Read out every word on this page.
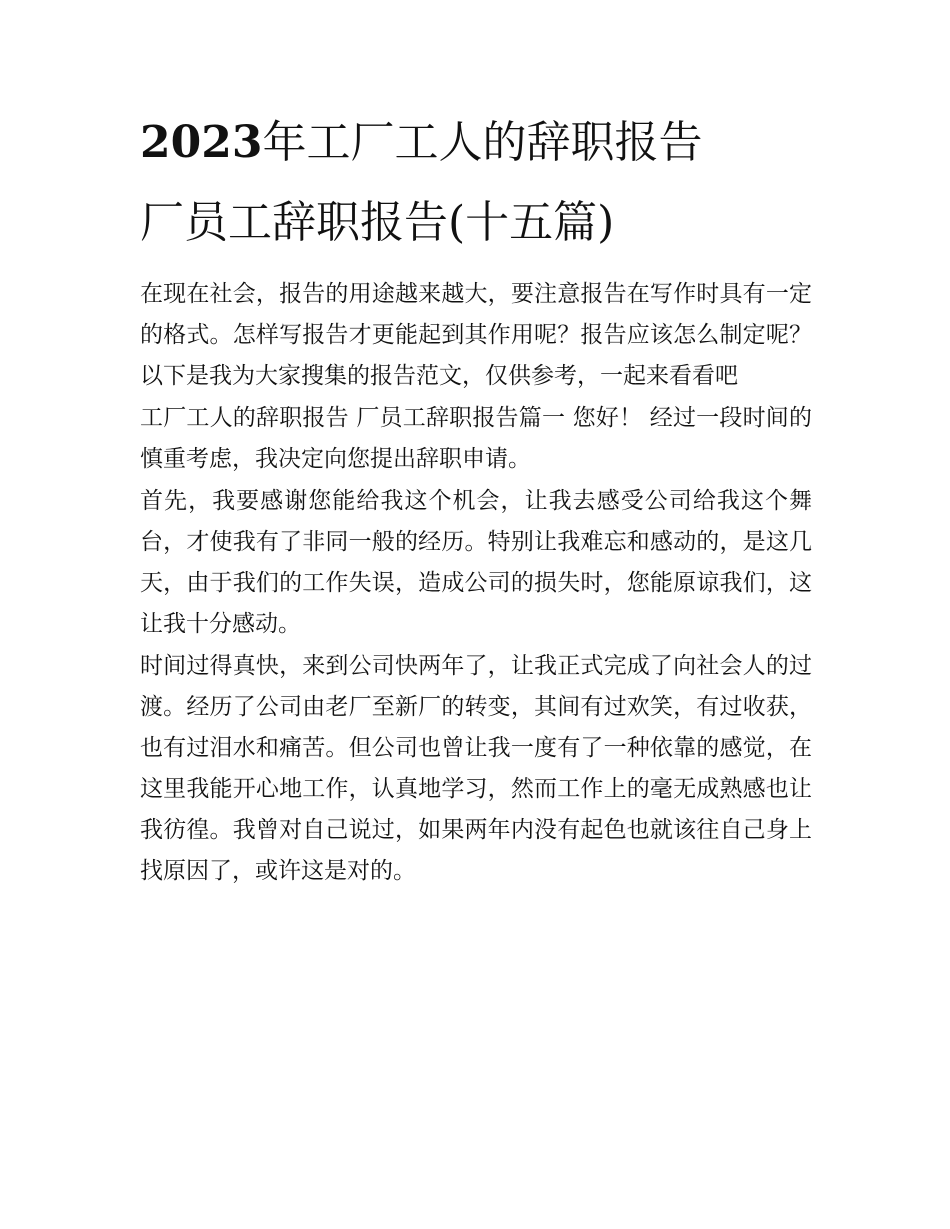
2023年工厂工人的辞职报告
厂员工辞职报告(十五篇)

在现在社会，报告的用途越来越大，要注意报告在写作时具有一定的格式。怎样写报告才更能起到其作用呢？报告应该怎么制定呢？以下是我为大家搜集的报告范文，仅供参考，一起来看看吧

工厂工人的辞职报告 厂员工辞职报告篇一 您好！ 经过一段时间的慎重考虑，我决定向您提出辞职申请。

首先，我要感谢您能给我这个机会，让我去感受公司给我这个舞台，才使我有了非同一般的经历。特别让我难忘和感动的，是这几天，由于我们的工作失误，造成公司的损失时，您能原谅我们，这让我十分感动。

时间过得真快，来到公司快两年了，让我正式完成了向社会人的过渡。经历了公司由老厂至新厂的转变，其间有过欢笑，有过收获，也有过泪水和痛苦。但公司也曾让我一度有了一种依靠的感觉，在这里我能开心地工作，认真地学习，然而工作上的毫无成熟感也让我彷徨。我曾对自己说过，如果两年内没有起色也就该往自己身上找原因了，或许这是对的。
